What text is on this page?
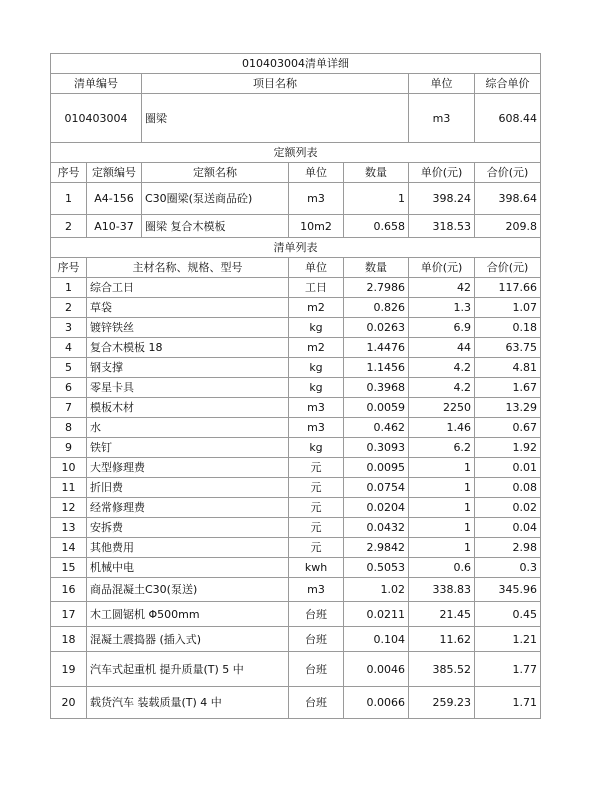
010403004清单详细						
清单编号		项目名称			单位	综合单价
010403004		圈梁			m3	608.44
定额列表						
序号	定额编号	定额名称	单位	数量	单价(元)	合价(元)
1	A4-156	C30圈梁(泵送商品砼)	m3	1	398.24	398.64
2	A10-37	圈梁 复合木模板	10m2	0.658	318.53	209.8
清单列表						
序号	主材名称、规格、型号		单位	数量	单价(元)	合价(元)
1	综合工日		工日	2.7986	42	117.66
2	草袋		m2	0.826	1.3	1.07
3	镀锌铁丝		kg	0.0263	6.9	0.18
4	复合木模板 18		m2	1.4476	44	63.75
5	钢支撑		kg	1.1456	4.2	4.81
6	零星卡具		kg	0.3968	4.2	1.67
7	模板木材		m3	0.0059	2250	13.29
8	水		m3	0.462	1.46	0.67
9	铁钉		kg	0.3093	6.2	1.92
10	大型修理费		元	0.0095	1	0.01
11	折旧费		元	0.0754	1	0.08
12	经常修理费		元	0.0204	1	0.02
13	安拆费		元	0.0432	1	0.04
14	其他费用		元	2.9842	1	2.98
15	机械中电		kwh	0.5053	0.6	0.3
16	商品混凝土C30(泵送)		m3	1.02	338.83	345.96
17	木工圆锯机 Φ500mm		台班	0.0211	21.45	0.45
18	混凝土震捣器 (插入式)		台班	0.104	11.62	1.21
19	汽车式起重机 提升质量(T) 5 中		台班	0.0046	385.52	1.77
20	载货汽车 装载质量(T) 4 中		台班	0.0066	259.23	1.71
